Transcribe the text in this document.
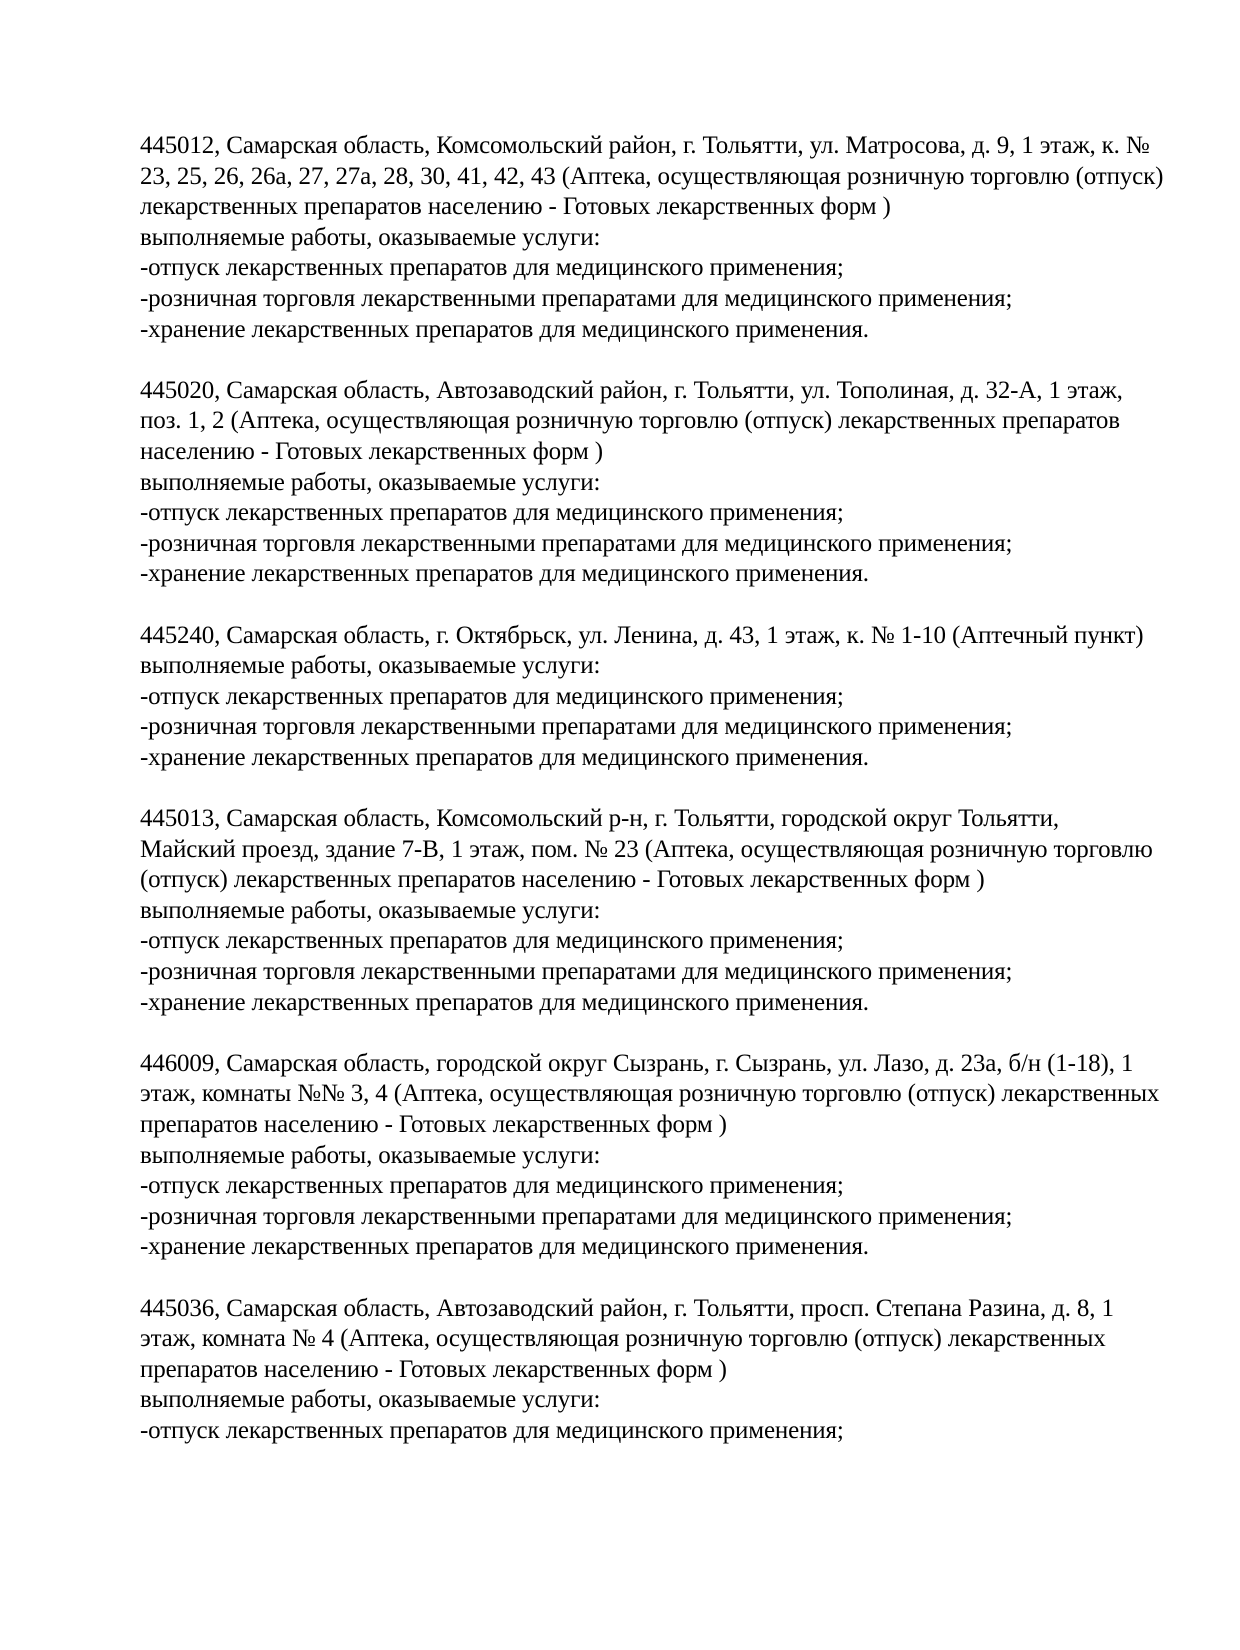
445012, Самарская область, Комсомольский район, г. Тольятти, ул. Матросова, д. 9, 1 этаж, к. №
23, 25, 26, 26а, 27, 27а, 28, 30, 41, 42, 43 (Аптека, осуществляющая розничную торговлю (отпуск)
лекарственных препаратов населению - Готовых лекарственных форм )
выполняемые работы, оказываемые услуги:
-отпуск лекарственных препаратов для медицинского применения;
-розничная торговля лекарственными препаратами для медицинского применения;
-хранение лекарственных препаратов для медицинского применения.

445020, Самарская область, Автозаводский район, г. Тольятти, ул. Тополиная, д. 32-А, 1 этаж,
поз. 1, 2 (Аптека, осуществляющая розничную торговлю (отпуск) лекарственных препаратов
населению - Готовых лекарственных форм )
выполняемые работы, оказываемые услуги:
-отпуск лекарственных препаратов для медицинского применения;
-розничная торговля лекарственными препаратами для медицинского применения;
-хранение лекарственных препаратов для медицинского применения.

445240, Самарская область, г. Октябрьск, ул. Ленина, д. 43, 1 этаж, к. № 1-10 (Аптечный пункт)
выполняемые работы, оказываемые услуги:
-отпуск лекарственных препаратов для медицинского применения;
-розничная торговля лекарственными препаратами для медицинского применения;
-хранение лекарственных препаратов для медицинского применения.

445013, Самарская область, Комсомольский р-н, г. Тольятти, городской округ Тольятти,
Майский проезд, здание 7-В, 1 этаж, пом. № 23 (Аптека, осуществляющая розничную торговлю
(отпуск) лекарственных препаратов населению - Готовых лекарственных форм )
выполняемые работы, оказываемые услуги:
-отпуск лекарственных препаратов для медицинского применения;
-розничная торговля лекарственными препаратами для медицинского применения;
-хранение лекарственных препаратов для медицинского применения.

446009, Самарская область, городской округ Сызрань, г. Сызрань, ул. Лазо, д. 23а, б/н (1-18), 1
этаж, комнаты №№ 3, 4 (Аптека, осуществляющая розничную торговлю (отпуск) лекарственных
препаратов населению - Готовых лекарственных форм )
выполняемые работы, оказываемые услуги:
-отпуск лекарственных препаратов для медицинского применения;
-розничная торговля лекарственными препаратами для медицинского применения;
-хранение лекарственных препаратов для медицинского применения.

445036, Самарская область, Автозаводский район, г. Тольятти, просп. Степана Разина, д. 8, 1
этаж, комната № 4 (Аптека, осуществляющая розничную торговлю (отпуск) лекарственных
препаратов населению - Готовых лекарственных форм )
выполняемые работы, оказываемые услуги:
-отпуск лекарственных препаратов для медицинского применения;
